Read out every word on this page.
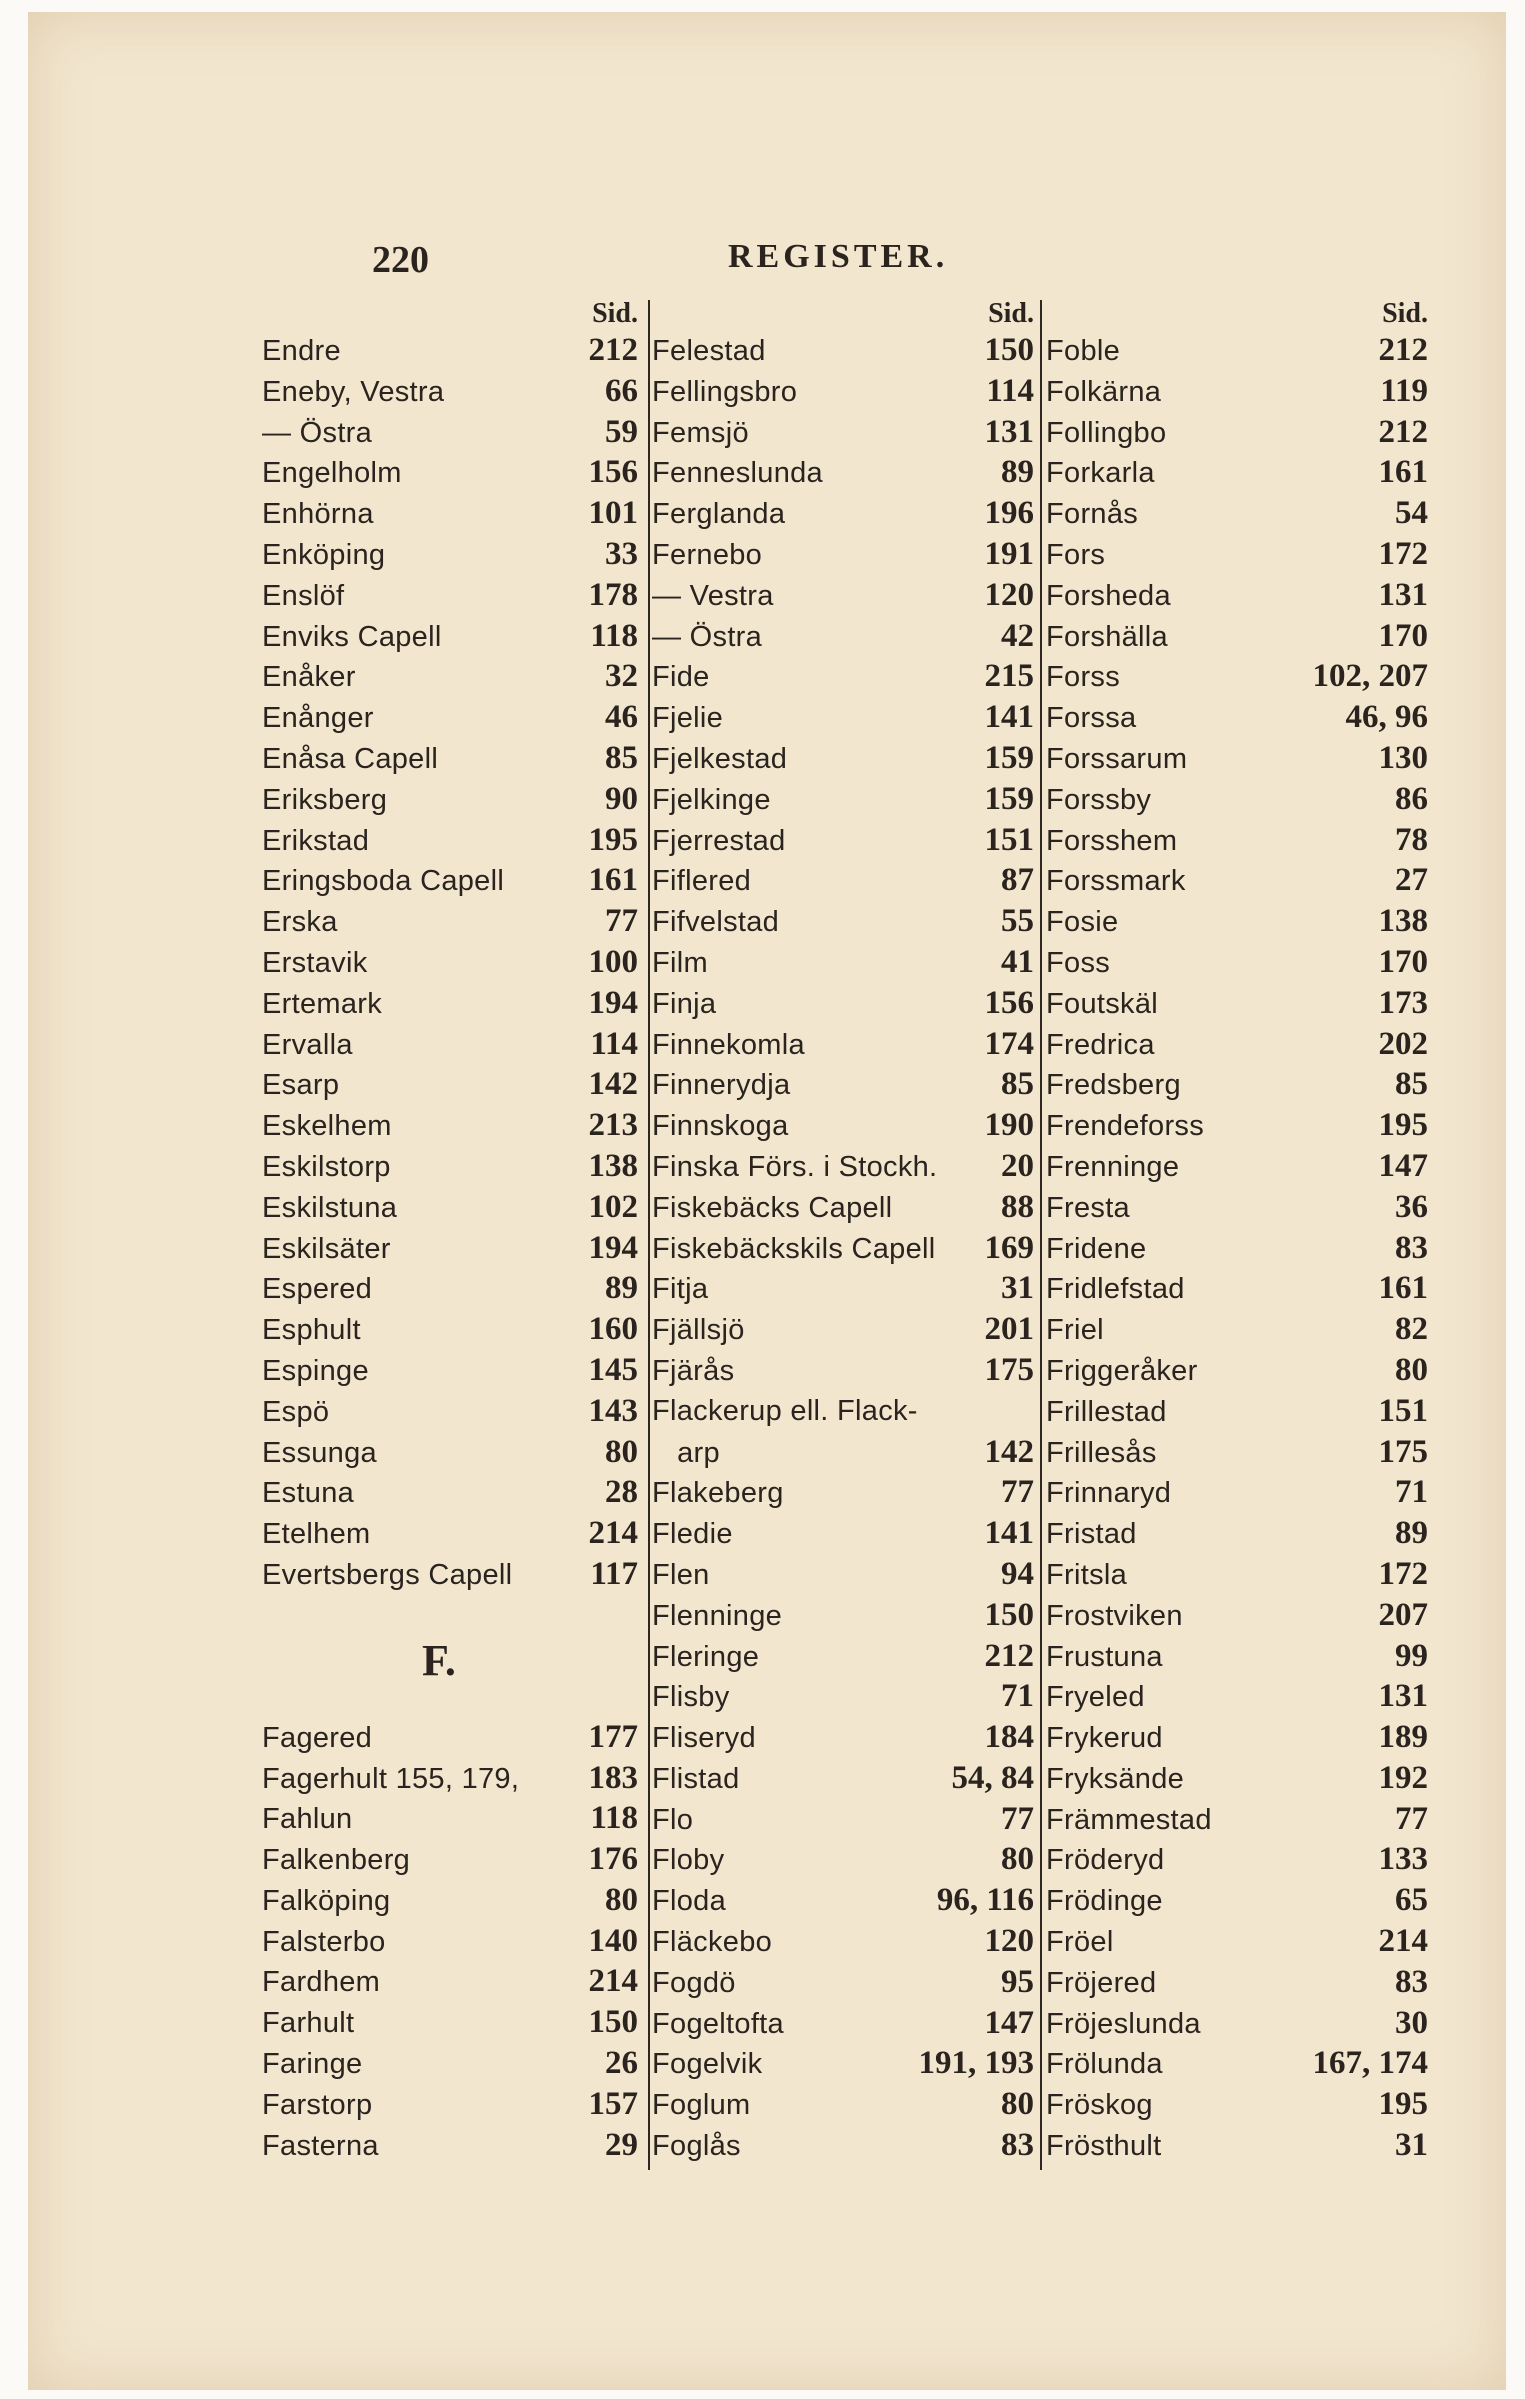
220	REGISTER.
Sid.
Endre	212
Eneby, Vestra	66
— Östra	59
Engelholm	156
Enhörna	101
Enköping	33
Enslöf	178
Enviks Capell	118
Enåker	32
Enånger	46
Enåsa Capell	85
Eriksberg	90
Erikstad	195
Eringsboda Capell	161
Erska	77
Erstavik	100
Ertemark	194
Ervalla	114
Esarp	142
Eskelhem	213
Eskilstorp	138
Eskilstuna	102
Eskilsäter	194
Espered	89
Esphult	160
Espinge	145
Espö	143
Essunga	80
Estuna	28
Etelhem	214
Evertsbergs Capell 117
F.
Fagered	177
Fagerhult 155, 179, 183
Fahlun	118
Falkenberg	176
Falköping	80
Falsterbo	140
Fardhem	214
Farhult	150
Faringe	26
Farstorp	157
Fasterna	29
Sid.
Felestad	150
Fellingsbro	114
Femsjö	131
Fenneslunda	89
Ferglanda	196
Fernebo	191
— Vestra	120
— Östra	42
Fide	215
Fjelie	141
Fjelkestad	159
Fjelkinge	159
Fjerrestad	151
Fiflered	87
Fifvelstad	55
Film	41
Finja	156
Finnekomla	174
Finnerydja	85
Finnskoga	190
Finska Förs. i Stockh. 20
Fiskebäcks Capell	88
Fiskebäckskils Capell 169
Fitja	31
Fjällsjö	201
Fjärås	175
Flackerup ell. Flack-
arp	142
Flakeberg	77
Fledie	141
Flen	94
Flenninge	150
Fleringe	212
Flisby	71
Fliseryd	184
Flistad	54, 84
Flo	77
Floby	80
Floda	96, 116
Fläckebo	120
Fogdö	95
Fogeltofta	147
Fogelvik	191, 193
Foglum	80
Foglås	83
Sid.
Foble	212
Folkärna	119
Follingbo	212
Forkarla	161
Fornås	54
Fors	172
Forsheda	131
Forshälla	170
Forss	102, 207
Forssa	46, 96
Forssarum	130
Forssby	86
Forsshem	78
Forssmark	27
Fosie	138
Foss	170
Foutskäl	173
Fredrica	202
Fredsberg	85
Frendeforss	195
Frenninge	147
Fresta	36
Fridene	83
Fridlefstad	161
Friel	82
Friggeråker	80
Frillestad	151
Frillesås	175
Frinnaryd	71
Fristad	89
Fritsla	172
Frostviken	207
Frustuna	99
Fryeled	131
Frykerud	189
Fryksände	192
Främmestad	77
Fröderyd	133
Frödinge	65
Fröel	214
Fröjered	83
Fröjeslunda	30
Frölunda	167, 174
Fröskog	195
Frösthult	31
